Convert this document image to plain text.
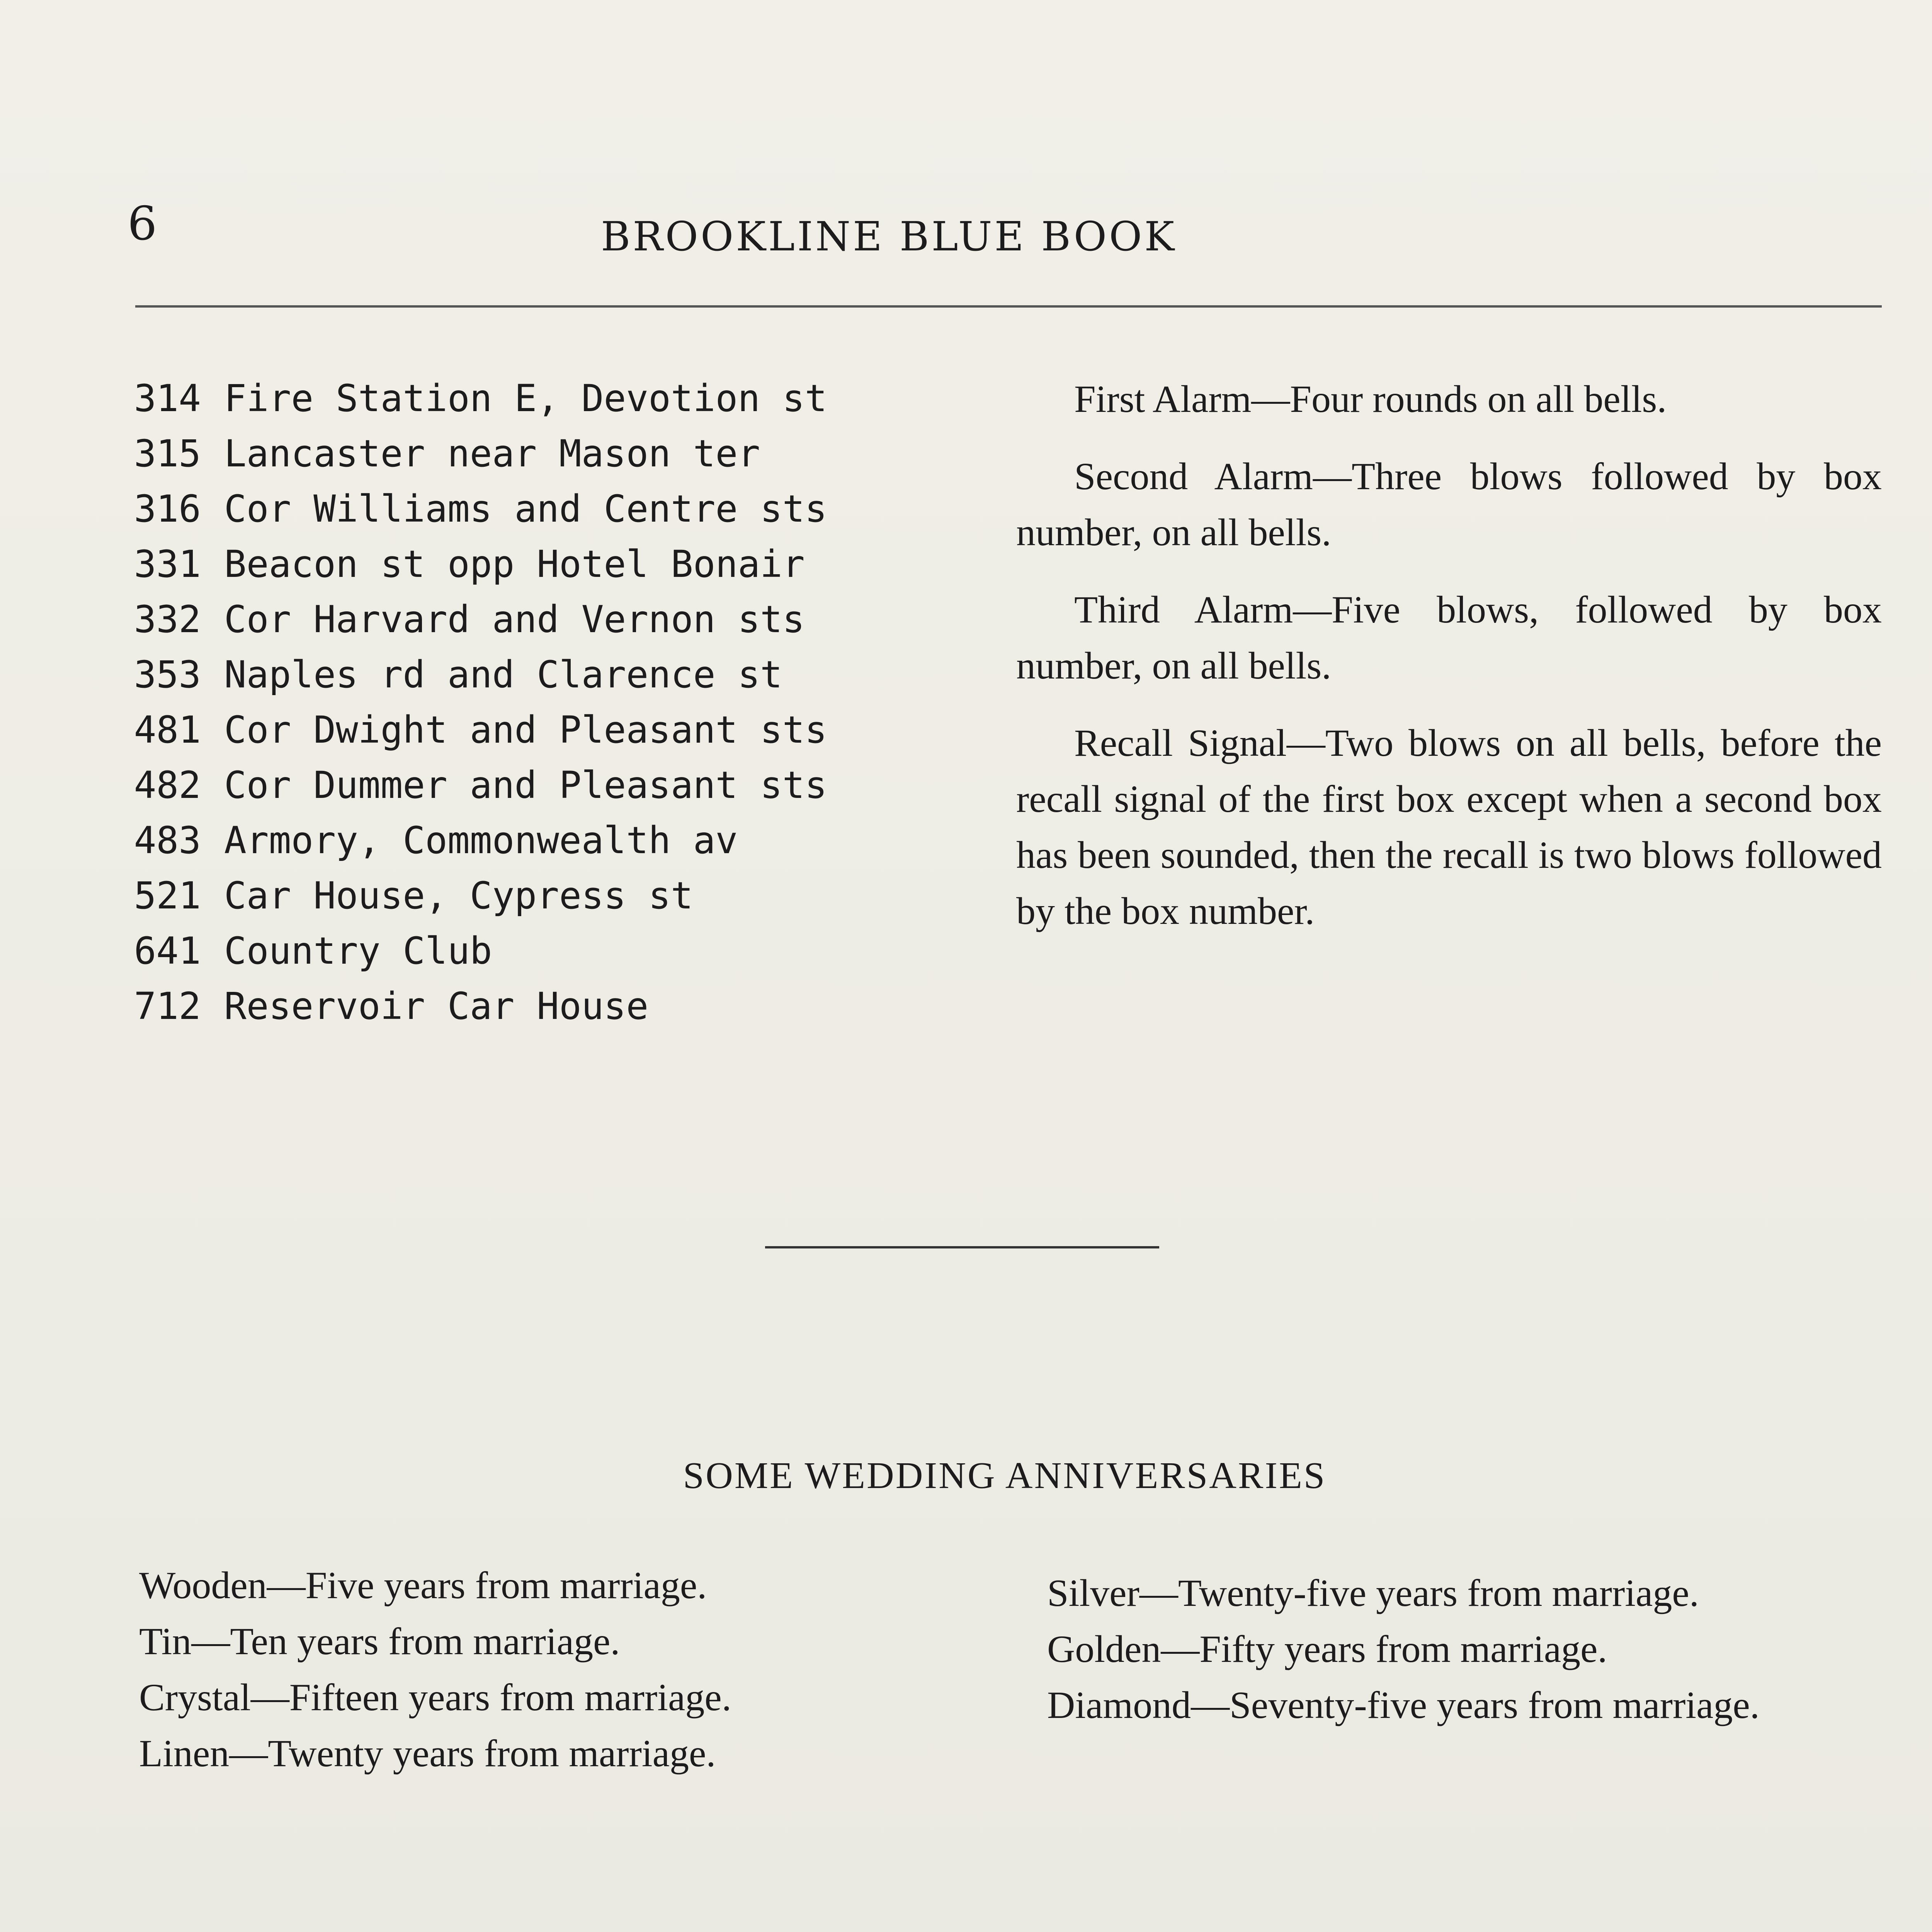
6	BROOKLINE BLUE BOOK
314 Fire Station E, Devotion st
315 Lancaster near Mason ter
316 Cor Williams and Centre sts
331 Beacon st opp Hotel Bonair
332 Cor Harvard and Vernon sts
353 Naples rd and Clarence st
481 Cor Dwight and Pleasant sts
482 Cor Dummer and Pleasant sts
483 Armory, Commonwealth av
521 Car House, Cypress st
641 Country Club
712 Reservoir Car House

First Alarm—Four rounds on all bells.

Second Alarm—Three blows followed by box number, on all bells.

Third Alarm—Five blows, followed by box number, on all bells.

Recall Signal—Two blows on all bells, before the recall signal of the first box except when a second box has been sounded, then the recall is two blows followed by the box number.

SOME WEDDING ANNIVERSARIES

Wooden—Five years from marriage.

Tin—Ten years from marriage.

Crystal—Fifteen years from marriage.

Linen—Twenty years from marriage.

Silver—Twenty-five years from marriage.

Golden—Fifty years from marriage.

Diamond—Seventy-five years from marriage.
